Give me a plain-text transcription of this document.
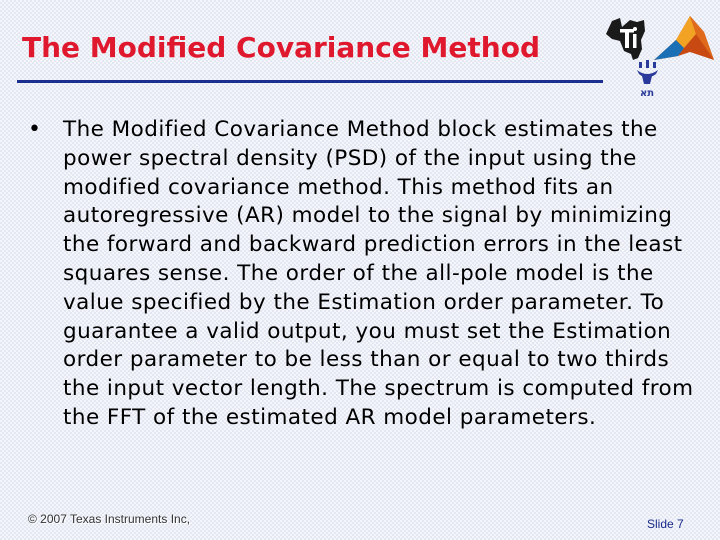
The Modified Covariance Method
תא
• The Modified Covariance Method block estimates the power spectral density (PSD) of the input using the modified covariance method. This method fits an autoregressive (AR) model to the signal by minimizing the forward and backward prediction errors in the least squares sense. The order of the all-pole model is the value specified by the Estimation order parameter. To guarantee a valid output, you must set the Estimation order parameter to be less than or equal to two thirds the input vector length. The spectrum is computed from the FFT of the estimated AR model parameters.

© 2007 Texas Instruments Inc,	Slide 7
